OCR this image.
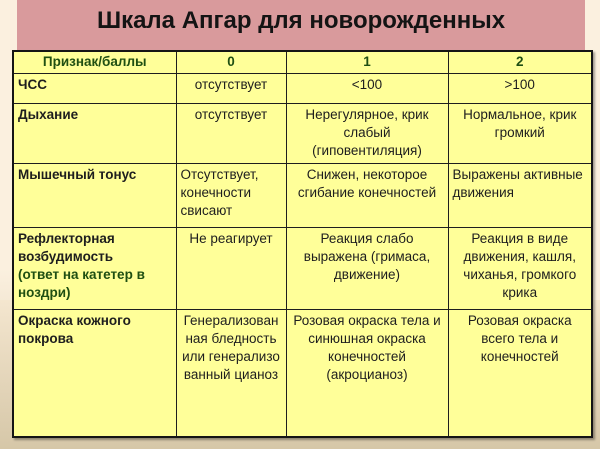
Шкала Апгар для новорожденных
Признак/баллы	0	1	2
ЧСС	отсутствует	<100	>100
Дыхание	отсутствует	Нерегулярное, крик слабый (гиповентиляция)	Нормальное, крик громкий
Мышечный тонус	Отсутствует, конечности свисают	Снижен, некоторое сгибание конечностей	Выражены активные движения
Рефлекторная возбудимость
(ответ на катетер в ноздри)	Не реагирует	Реакция слабо выражена (гримаса, движение)	Реакция в виде движения, кашля, чиханья, громкого крика
Окраска кожного покрова	Генерализованная бледность или генерализованный цианоз	Розовая окраска тела и синюшная окраска конечностей (акроцианоз)	Розовая окраска всего тела и конечностей
